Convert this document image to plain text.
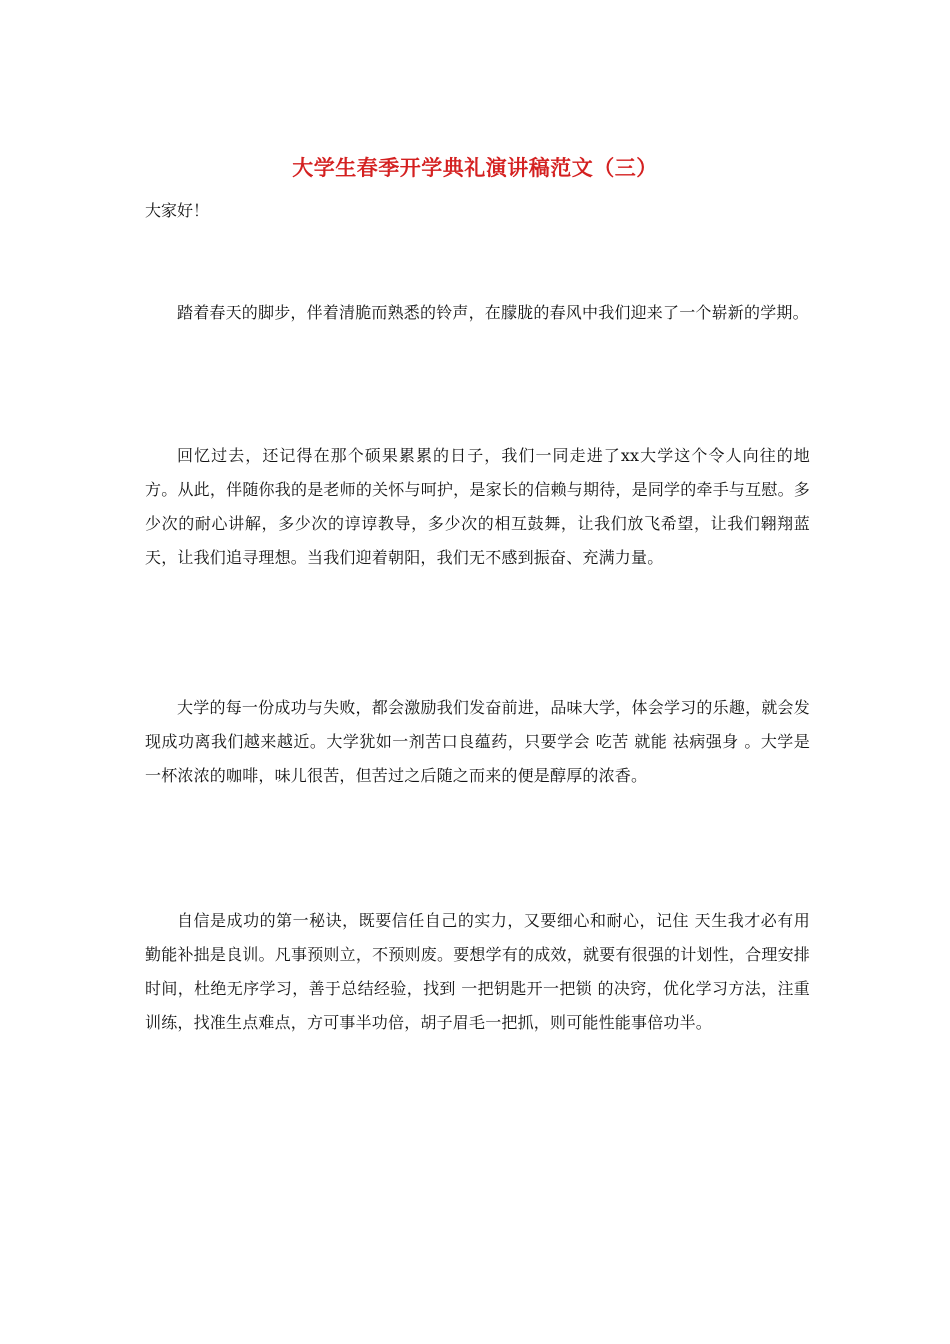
大学生春季开学典礼演讲稿范文（三）
大家好！

踏着春天的脚步，伴着清脆而熟悉的铃声，在朦胧的春风中我们迎来了一个崭新的学期。

回忆过去，还记得在那个硕果累累的日子，我们一同走进了xx大学这个令人向往的地方。从此，伴随你我的是老师的关怀与呵护，是家长的信赖与期待，是同学的牵手与互慰。多少次的耐心讲解，多少次的谆谆教导，多少次的相互鼓舞，让我们放飞希望，让我们翱翔蓝天，让我们追寻理想。当我们迎着朝阳，我们无不感到振奋、充满力量。

大学的每一份成功与失败，都会激励我们发奋前进，品味大学，体会学习的乐趣，就会发现成功离我们越来越近。大学犹如一剂苦口良蕴药，只要学会 吃苦 就能 祛病强身 。大学是一杯浓浓的咖啡，味儿很苦，但苦过之后随之而来的便是醇厚的浓香。

自信是成功的第一秘诀，既要信任自己的实力，又要细心和耐心，记住 天生我才必有用 勤能补拙是良训。凡事预则立，不预则废。要想学有的成效，就要有很强的计划性，合理安排时间，杜绝无序学习，善于总结经验，找到 一把钥匙开一把锁 的决窍，优化学习方法，注重训练，找准生点难点，方可事半功倍，胡子眉毛一把抓，则可能性能事倍功半。
